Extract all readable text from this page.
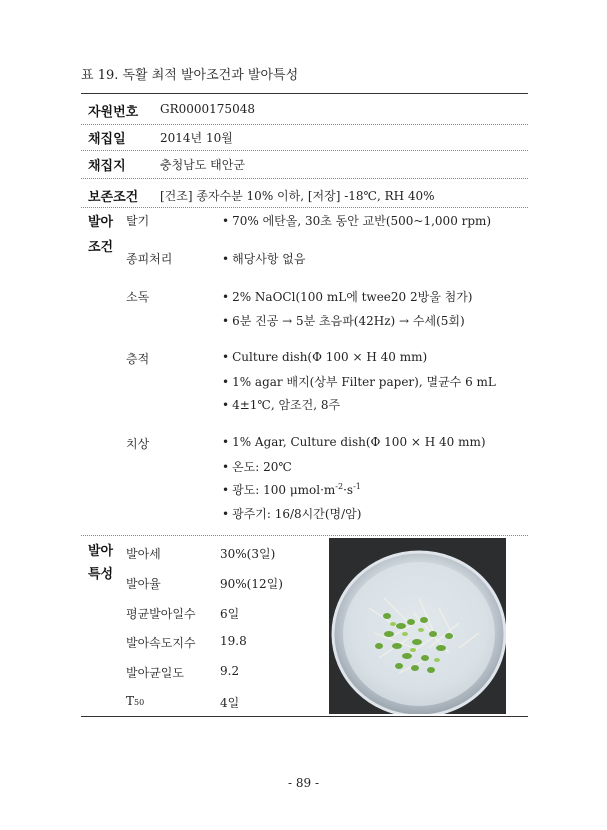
표 19. 독활 최적 발아조건과 발아특성
자원번호 GR0000175048
채집일	2014년 10월
채집지	충청남도 태안군
보존조건 [건조] 종자수분 10% 이하, [저장] -18℃, RH 40%
발아
조건
탈기	• 70% 에탄올, 30초 동안 교반(500~1,000 rpm)
종피처리	• 해당사항 없음
소독	• 2% NaOCl(100 mL에 twee20 2방울 첨가)
• 6분 진공 → 5분 초음파(42Hz) → 수세(5회)
층적	• Culture dish(Φ 100 × H 40 mm)
• 1% agar 배지(상부 Filter paper), 멸균수 6 mL
• 4±1℃, 암조건, 8주
치상	• 1% Agar, Culture dish(Φ 100 × H 40 mm)
• 온도: 20℃
• 광도: 100 $\mu mol\cdot m^{-2}\cdot s^{-1}$
• 광주기: 16/8시간(명/암)
발아
특성
발아세	30%(3일)
발아율	90%(12일)
평균발아일수 6일
발아속도지수 19.8
발아균일도	9.2
T50	4일
- 89 -
